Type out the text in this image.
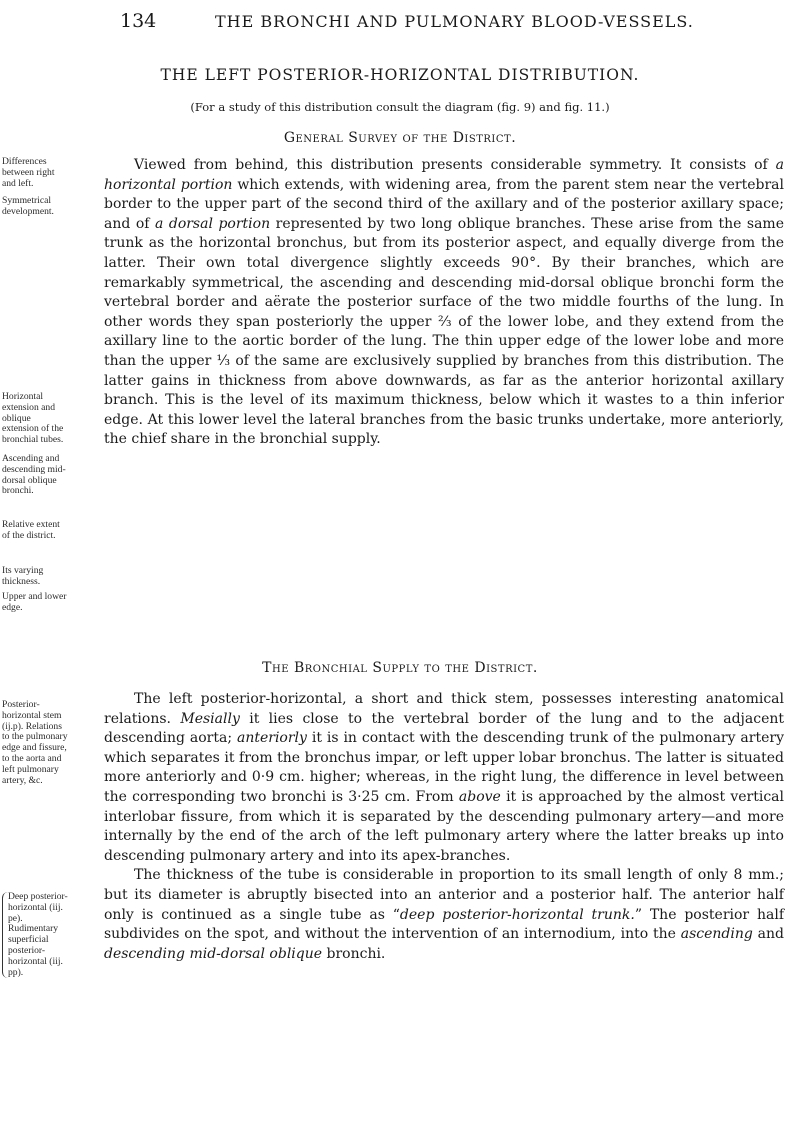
134	THE BRONCHI AND PULMONARY BLOOD-VESSELS.
THE LEFT POSTERIOR-HORIZONTAL DISTRIBUTION.
(For a study of this distribution consult the diagram (fig. 9) and fig. 11.)
General Survey of the District.

Viewed from behind, this distribution presents considerable symmetry. It consists of a horizontal portion which extends, with widening area, from the parent stem near the vertebral border to the upper part of the second third of the axillary and of the posterior axillary space; and of a dorsal portion represented by two long oblique branches. These arise from the same trunk as the horizontal bronchus, but from its posterior aspect, and equally diverge from the latter. Their own total divergence slightly exceeds 90°. By their branches, which are remarkably symmetrical, the ascending and descending mid-dorsal oblique bronchi form the vertebral border and aërate the posterior surface of the two middle fourths of the lung. In other words they span posteriorly the upper ⅔ of the lower lobe, and they extend from the axillary line to the aortic border of the lung. The thin upper edge of the lower lobe and more than the upper ⅓ of the same are exclusively supplied by branches from this distribution. The latter gains in thickness from above downwards, as far as the anterior horizontal axillary branch. This is the level of its maximum thickness, below which it wastes to a thin inferior edge. At this lower level the lateral branches from the basic trunks undertake, more anteriorly, the chief share in the bronchial supply.

The Bronchial Supply to the District.

The left posterior-horizontal, a short and thick stem, possesses interesting anatomical relations. Mesially it lies close to the vertebral border of the lung and to the adjacent descending aorta; anteriorly it is in contact with the descending trunk of the pulmonary artery which separates it from the bronchus impar, or left upper lobar bronchus. The latter is situated more anteriorly and 0·9 cm. higher; whereas, in the right lung, the difference in level between the corresponding two bronchi is 3·25 cm. From above it is approached by the almost vertical interlobar fissure, from which it is separated by the descending pulmonary artery—and more internally by the end of the arch of the left pulmonary artery where the latter breaks up into descending pulmonary artery and into its apex-branches.

The thickness of the tube is considerable in proportion to its small length of only 8 mm.; but its diameter is abruptly bisected into an anterior and a posterior half. The anterior half only is continued as a single tube as “deep posterior-horizontal trunk.” The posterior half subdivides on the spot, and without the intervention of an internodium, into the ascending and descending mid-dorsal oblique bronchi.

Differences between right and left.
Symmetrical development.
Horizontal extension and oblique extension of the bronchial tubes.
Ascending and descending mid-dorsal oblique bronchi.
Relative extent of the district.
Its varying thickness.
Upper and lower edge.
Posterior-horizontal stem (ij.p). Relations to the pulmonary edge and fissure, to the aorta and left pulmonary artery, &c.
Deep posterior-horizontal (iij. pe). Rudimentary superficial posterior-horizontal (iij. pp).
